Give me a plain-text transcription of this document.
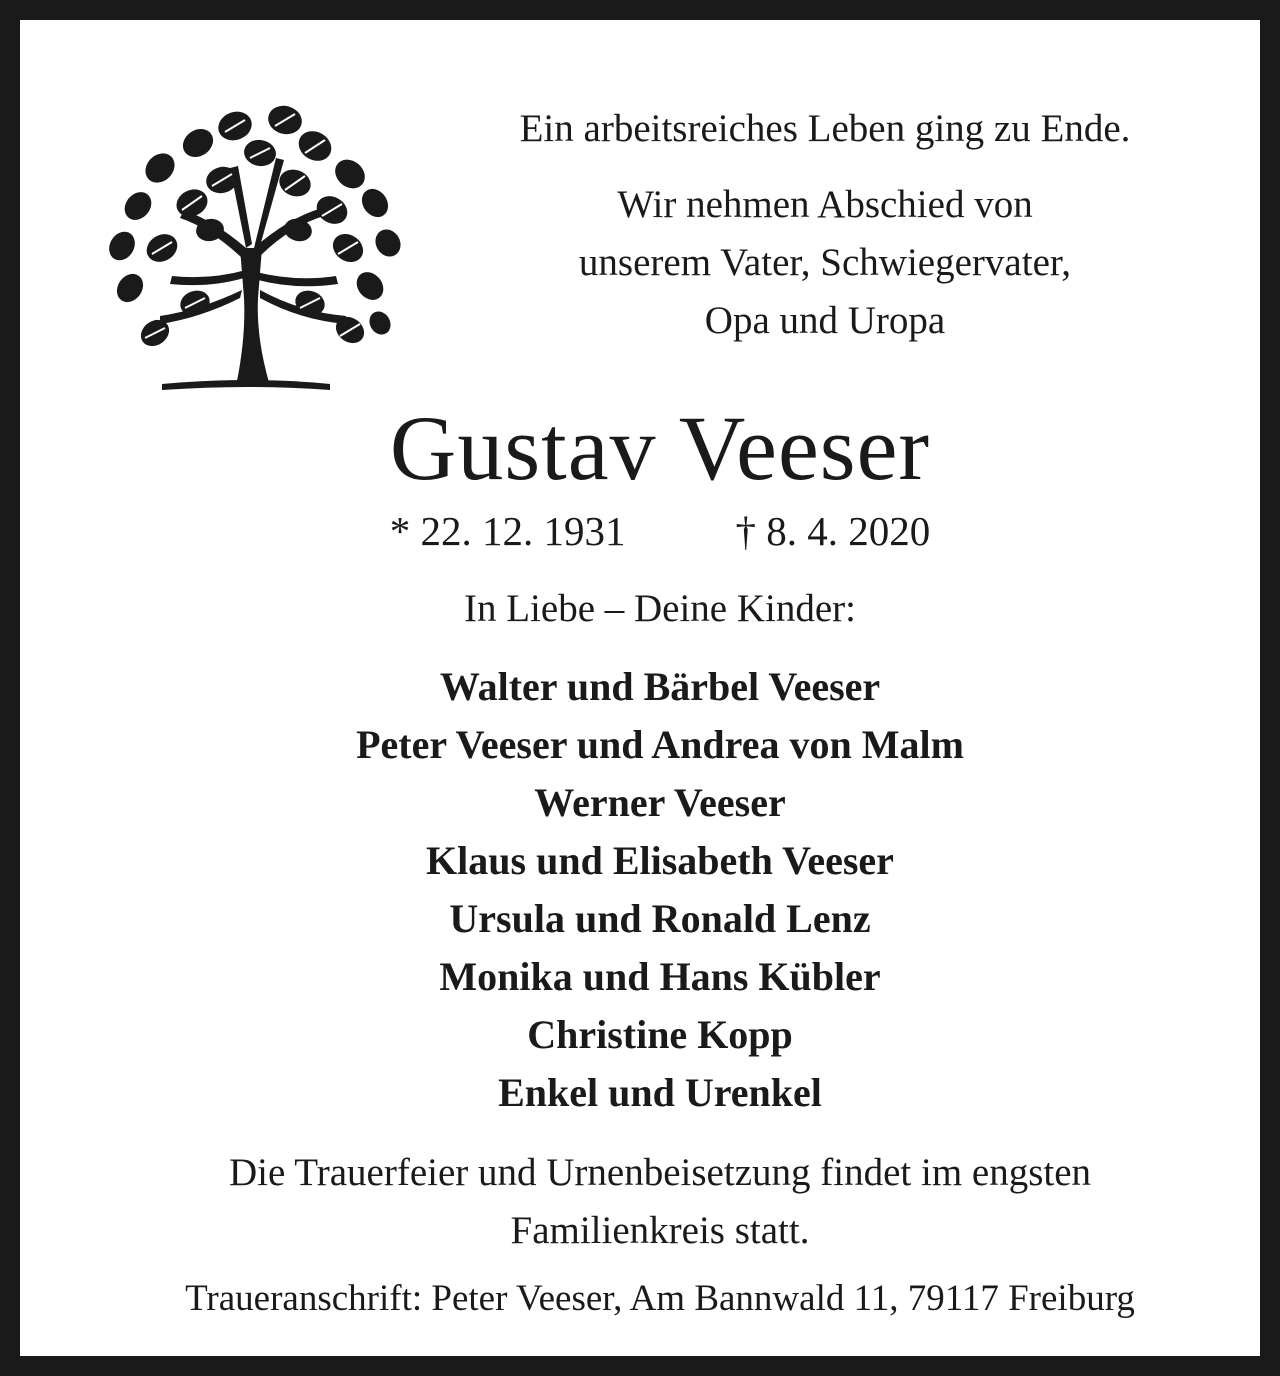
Ein arbeitsreiches Leben ging zu Ende.
Wir nehmen Abschied von
unserem Vater, Schwiegervater,
Opa und Uropa
Gustav Veeser
* 22. 12. 1931	† 8. 4. 2020
In Liebe – Deine Kinder:
Walter und Bärbel Veeser
Peter Veeser und Andrea von Malm
Werner Veeser
Klaus und Elisabeth Veeser
Ursula und Ronald Lenz
Monika und Hans Kübler
Christine Kopp
Enkel und Urenkel
Die Trauerfeier und Urnenbeisetzung findet im engsten
Familienkreis statt.
Traueranschrift: Peter Veeser, Am Bannwald 11, 79117 Freiburg
